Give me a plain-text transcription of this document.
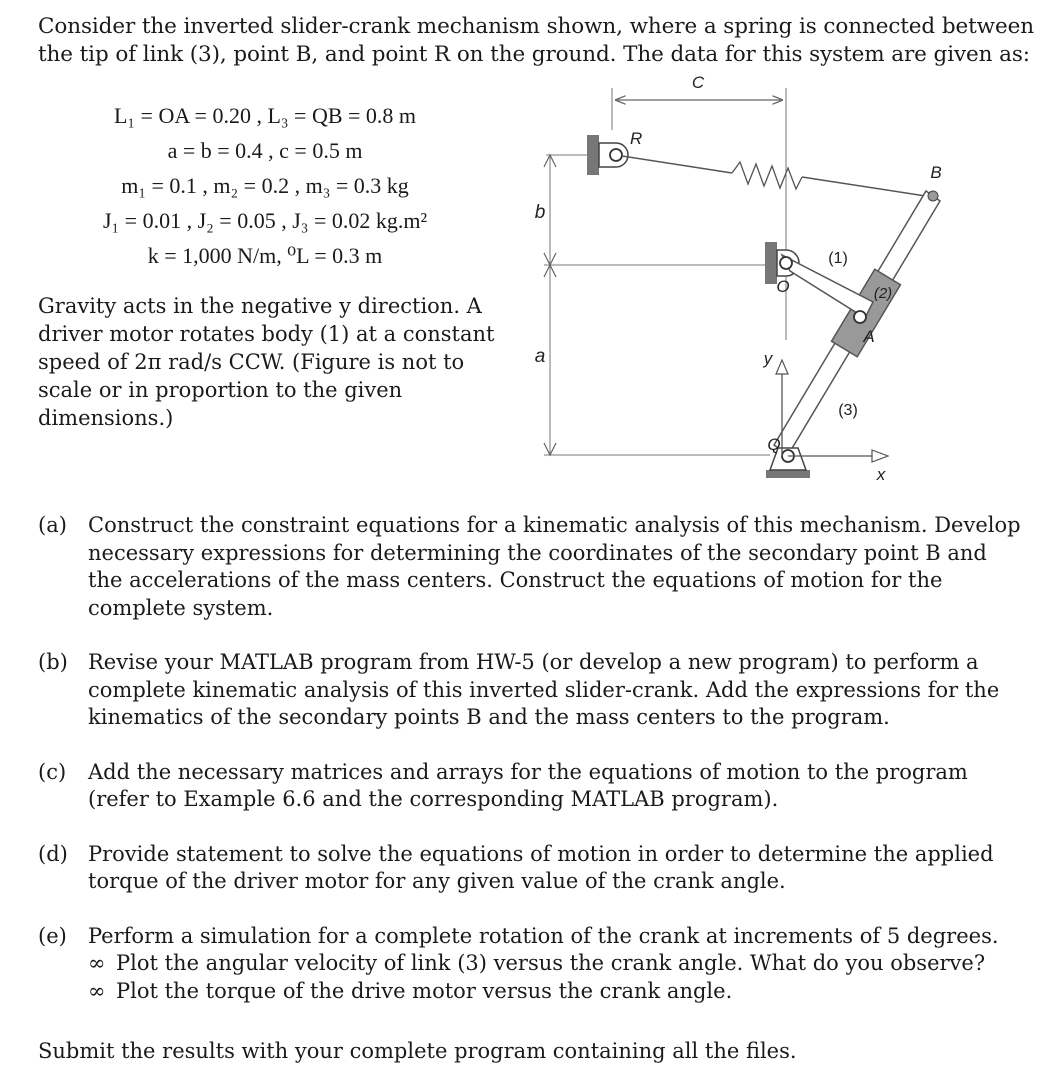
Consider the inverted slider-crank mechanism shown, where a spring is connected between
the tip of link (3), point B, and point R on the ground. The data for this system are given as:
L₁ = OA = 0.20 , L₃ = QB = 0.8 m
a = b = 0.4 , c = 0.5 m
m₁ = 0.1 , m₂ = 0.2 , m₃ = 0.3 kg
J₁ = 0.01 , J₂ = 0.05 , J₃ = 0.02 kg.m²
k = 1,000 N/m, ⁰L = 0.3 m
Gravity acts in the negative y direction. A
driver motor rotates body (1) at a constant
speed of 2π rad/s CCW. (Figure is not to
scale or in proportion to the given
dimensions.)
C
b
a
R
B
(3)
(2)
O
A
(1)
Q
y
x
(a) Construct the constraint equations for a kinematic analysis of this mechanism. Develop
necessary expressions for determining the coordinates of the secondary point B and
the accelerations of the mass centers. Construct the equations of motion for the
complete system.
(b) Revise your MATLAB program from HW-5 (or develop a new program) to perform a
complete kinematic analysis of this inverted slider-crank. Add the expressions for the
kinematics of the secondary points B and the mass centers to the program.
(c) Add the necessary matrices and arrays for the equations of motion to the program
(refer to Example 6.6 and the corresponding MATLAB program).
(d) Provide statement to solve the equations of motion in order to determine the applied
torque of the driver motor for any given value of the crank angle.
(e) Perform a simulation for a complete rotation of the crank at increments of 5 degrees.
∞ Plot the angular velocity of link (3) versus the crank angle. What do you observe?
∞ Plot the torque of the drive motor versus the crank angle.
Submit the results with your complete program containing all the files.
